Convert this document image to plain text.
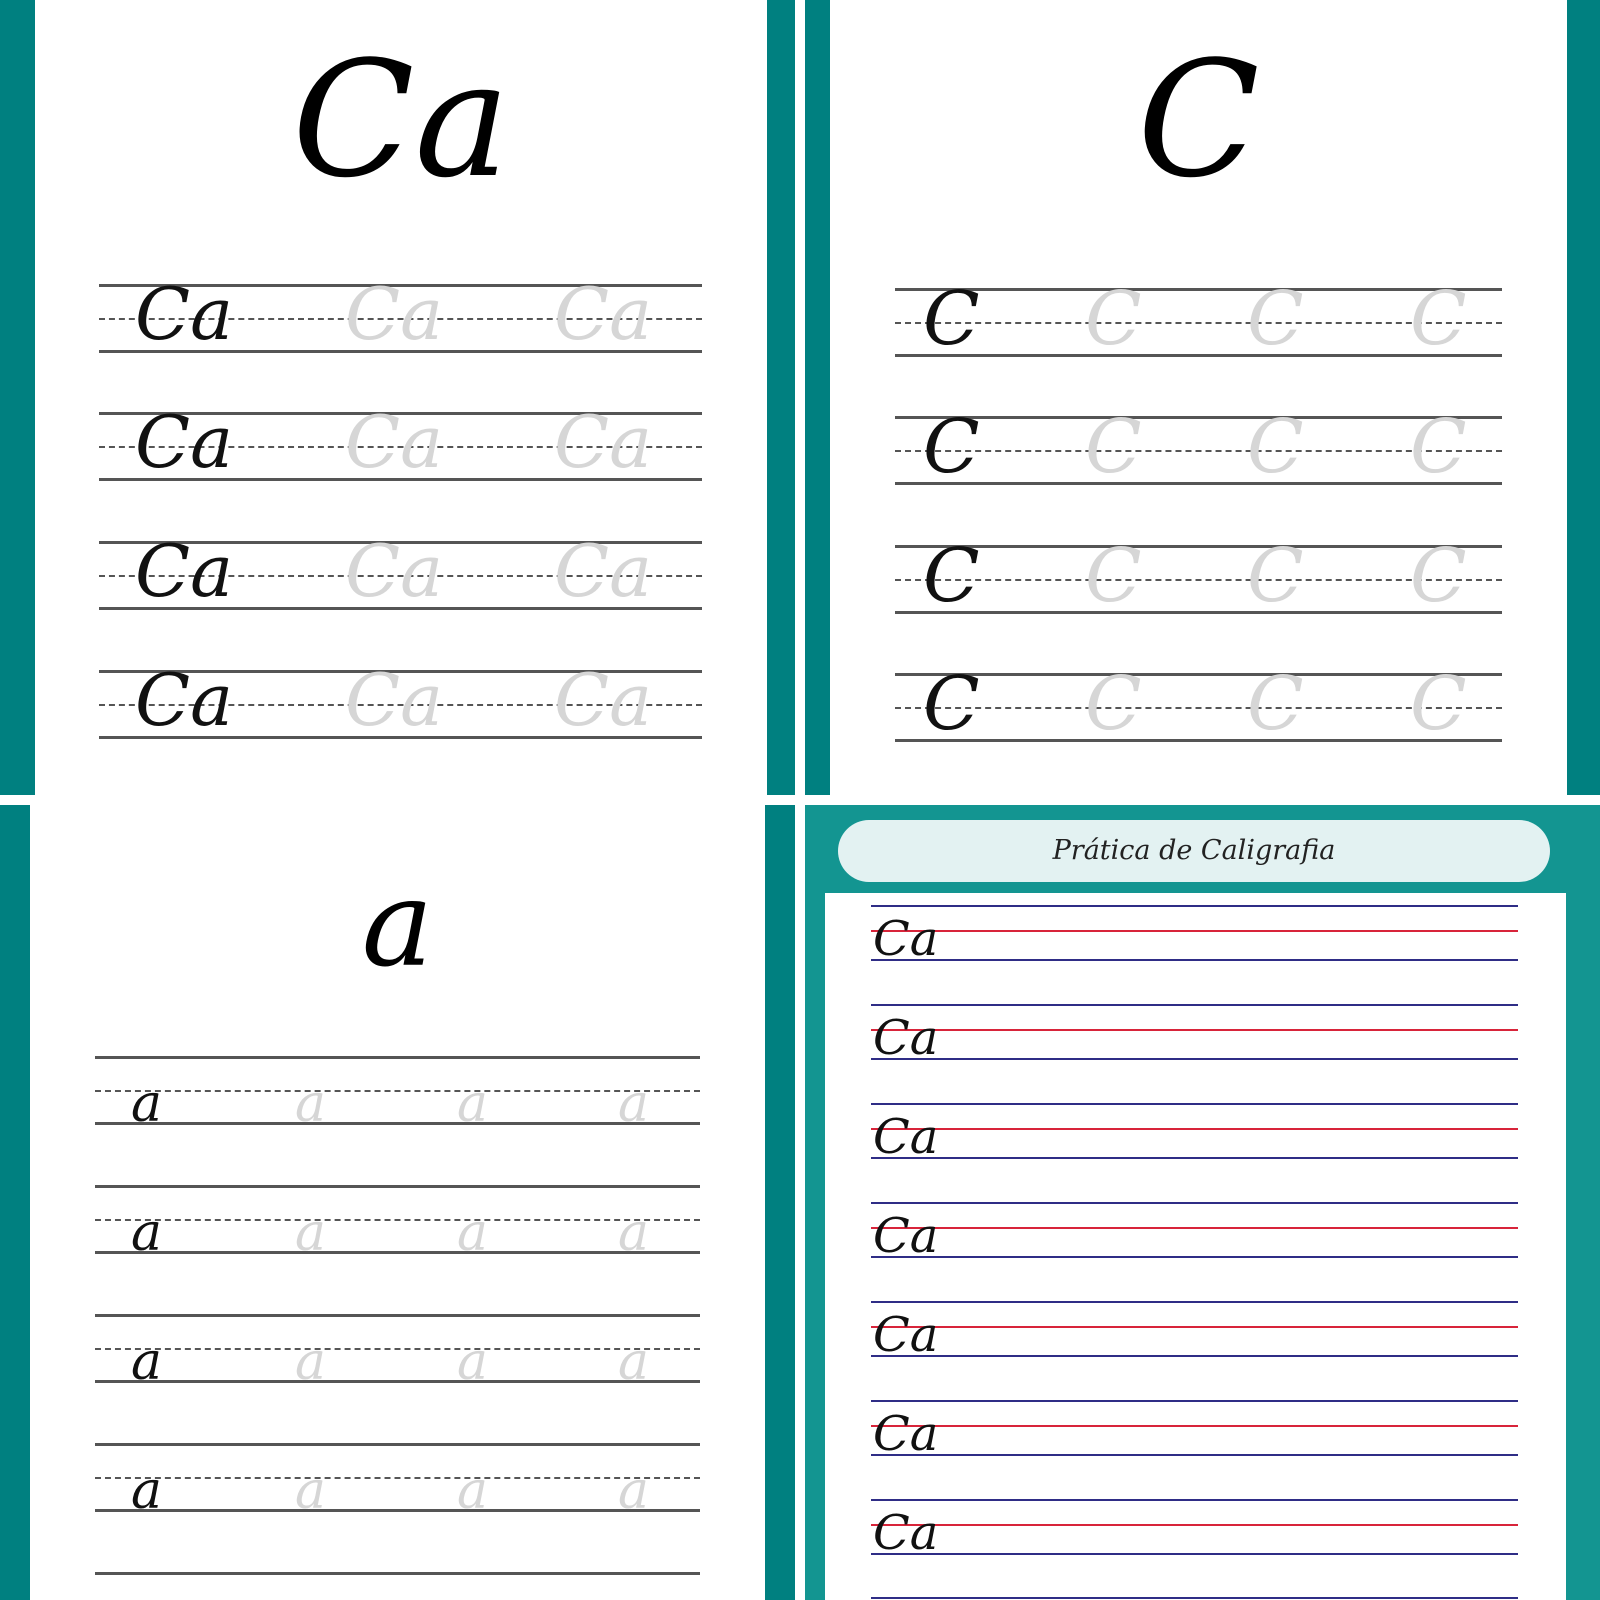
Ca
Ca Ca Ca
Ca Ca Ca
Ca Ca Ca
Ca Ca Ca
C
C C C C
C C C C
C C C C
C C C C
a
a	a	a a
a	a	a a
a	a	a a
a	a	a a
Prática de Caligrafia
Ca
Ca
Ca
Ca
Ca
Ca
Ca
